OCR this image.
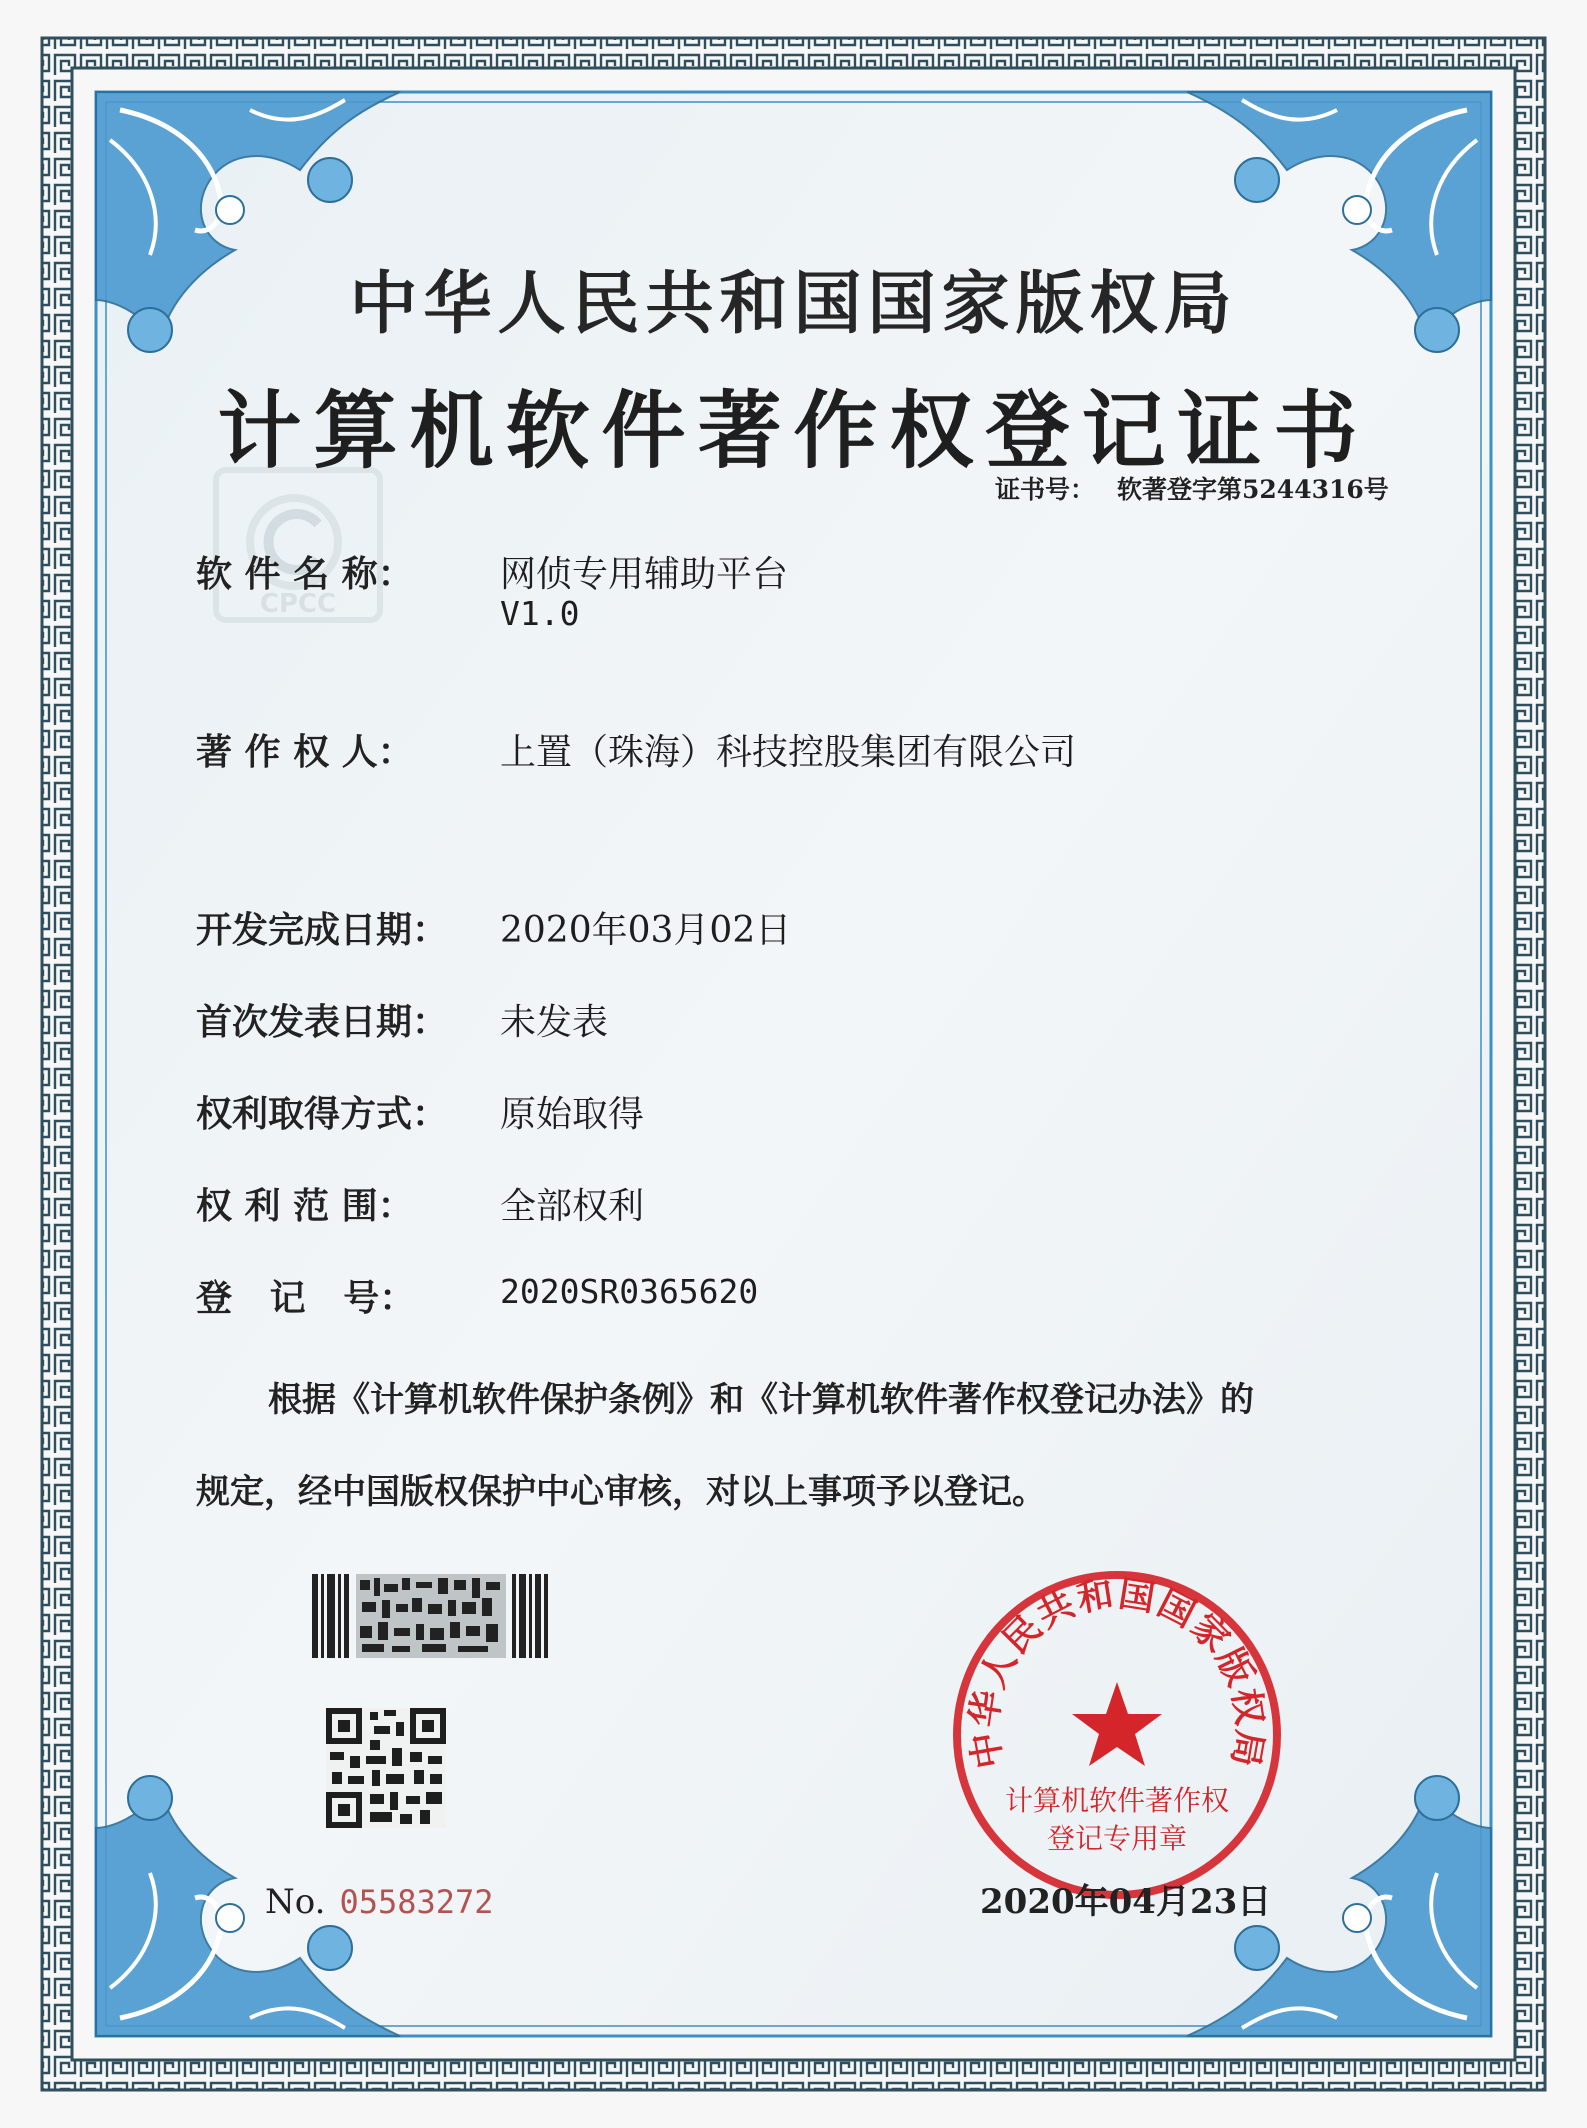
CPCC
中华人民共和国国家版权局
计算机软件著作权登记证书
证书号： 软著登字第5244316号
软 件 名 称： 网侦专用辅助平台
V1.0
著 作 权 人： 上置（珠海）科技控股集团有限公司
开发完成日期： 2020年03月02日
首次发表日期： 未发表
权利取得方式： 原始取得
权 利 范 围： 全部权利
登   记   号：	2020SR0365620

根据《计算机软件保护条例》和《计算机软件著作权登记办法》的

规定，经中国版权保护中心审核，对以上事项予以登记。

No. 05583272
中华人民共和国国家版权局
计算机软件著作权
登记专用章
2020年04月23日
